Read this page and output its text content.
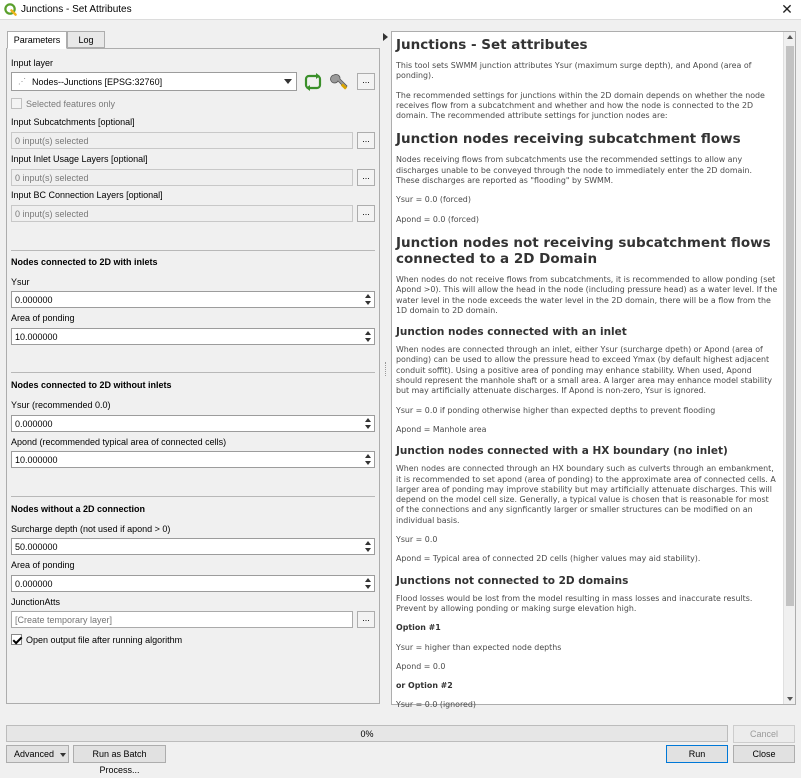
Junctions - Set Attributes	✕
Parameters	Log
Input layer
⋰ Nodes--Junctions [EPSG:32760]	...
Selected features only
Input Subcatchments [optional]
0 input(s) selected	...
Input Inlet Usage Layers [optional]
0 input(s) selected	...
Input BC Connection Layers [optional]
0 input(s) selected	...
Nodes connected to 2D with inlets
Ysur
0.000000
Area of ponding
10.000000
Nodes connected to 2D without inlets
Ysur (recommended 0.0)
0.000000
Apond (recommended typical area of connected cells)
10.000000
Nodes without a 2D connection
Surcharge depth (not used if apond > 0)
50.000000
Area of ponding
0.000000
JunctionAtts
[Create temporary layer]
...
Open output file after running algorithm
Junctions - Set attributes

This tool sets SWMM junction attributes Ysur (maximum surge depth), and Apond (area of ponding).

The recommended settings for junctions within the 2D domain depends on whether the node receives flow from a subcatchment and whether and how the node is connected to the 2D domain. The recommended attribute settings for junction nodes are:

Junction nodes receiving subcatchment flows

Nodes receiving flows from subcatchments use the recommended settings to allow any discharges unable to be conveyed through the node to immediately enter the 2D domain. These discharges are reported as "flooding" by SWMM.

Ysur = 0.0 (forced)

Apond = 0.0 (forced)

Junction nodes not receiving subcatchment flows connected to a 2D Domain

When nodes do not receive flows from subcatchments, it is recommended to allow ponding (set Apond >0). This will allow the head in the node (including pressure head) as a water level. If the water level in the node exceeds the water level in the 2D domain, there will be a flow from the 1D domain to 2D domain.

Junction nodes connected with an inlet

When nodes are connected through an inlet, either Ysur (surcharge dpeth) or Apond (area of ponding) can be used to allow the pressure head to exceed Ymax (by default highest adjacent conduit soffit). Using a positive area of ponding may enhance stability. When used, Apond should represent the manhole shaft or a small area. A larger area may enhance model stability but may artificially attenuate discharges. If Apond is non-zero, Ysur is ignored.

Ysur = 0.0 if ponding otherwise higher than expected depths to prevent flooding

Apond = Manhole area

Junction nodes connected with a HX boundary (no inlet)

When nodes are connected through an HX boundary such as culverts through an embankment, it is recommended to set apond (area of ponding) to the approximate area of connected cells. A larger area of ponding may improve stability but may artificially attenuate discharges. This will depend on the model cell size. Generally, a typical value is chosen that is reasonable for most of the connections and any signficantly larger or smaller structures can be modified on an individual basis.

Ysur = 0.0

Apond = Typical area of connected 2D cells (higher values may aid stability).

Junctions not connected to 2D domains

Flood losses would be lost from the model resulting in mass losses and inaccurate results. Prevent by allowing ponding or making surge elevation high.

Option #1

Ysur = higher than expected node depths

Apond = 0.0

or Option #2

Ysur = 0.0 (ignored)

0%	Cancel
Advanced	Run as Batch Process...
Run	Close
